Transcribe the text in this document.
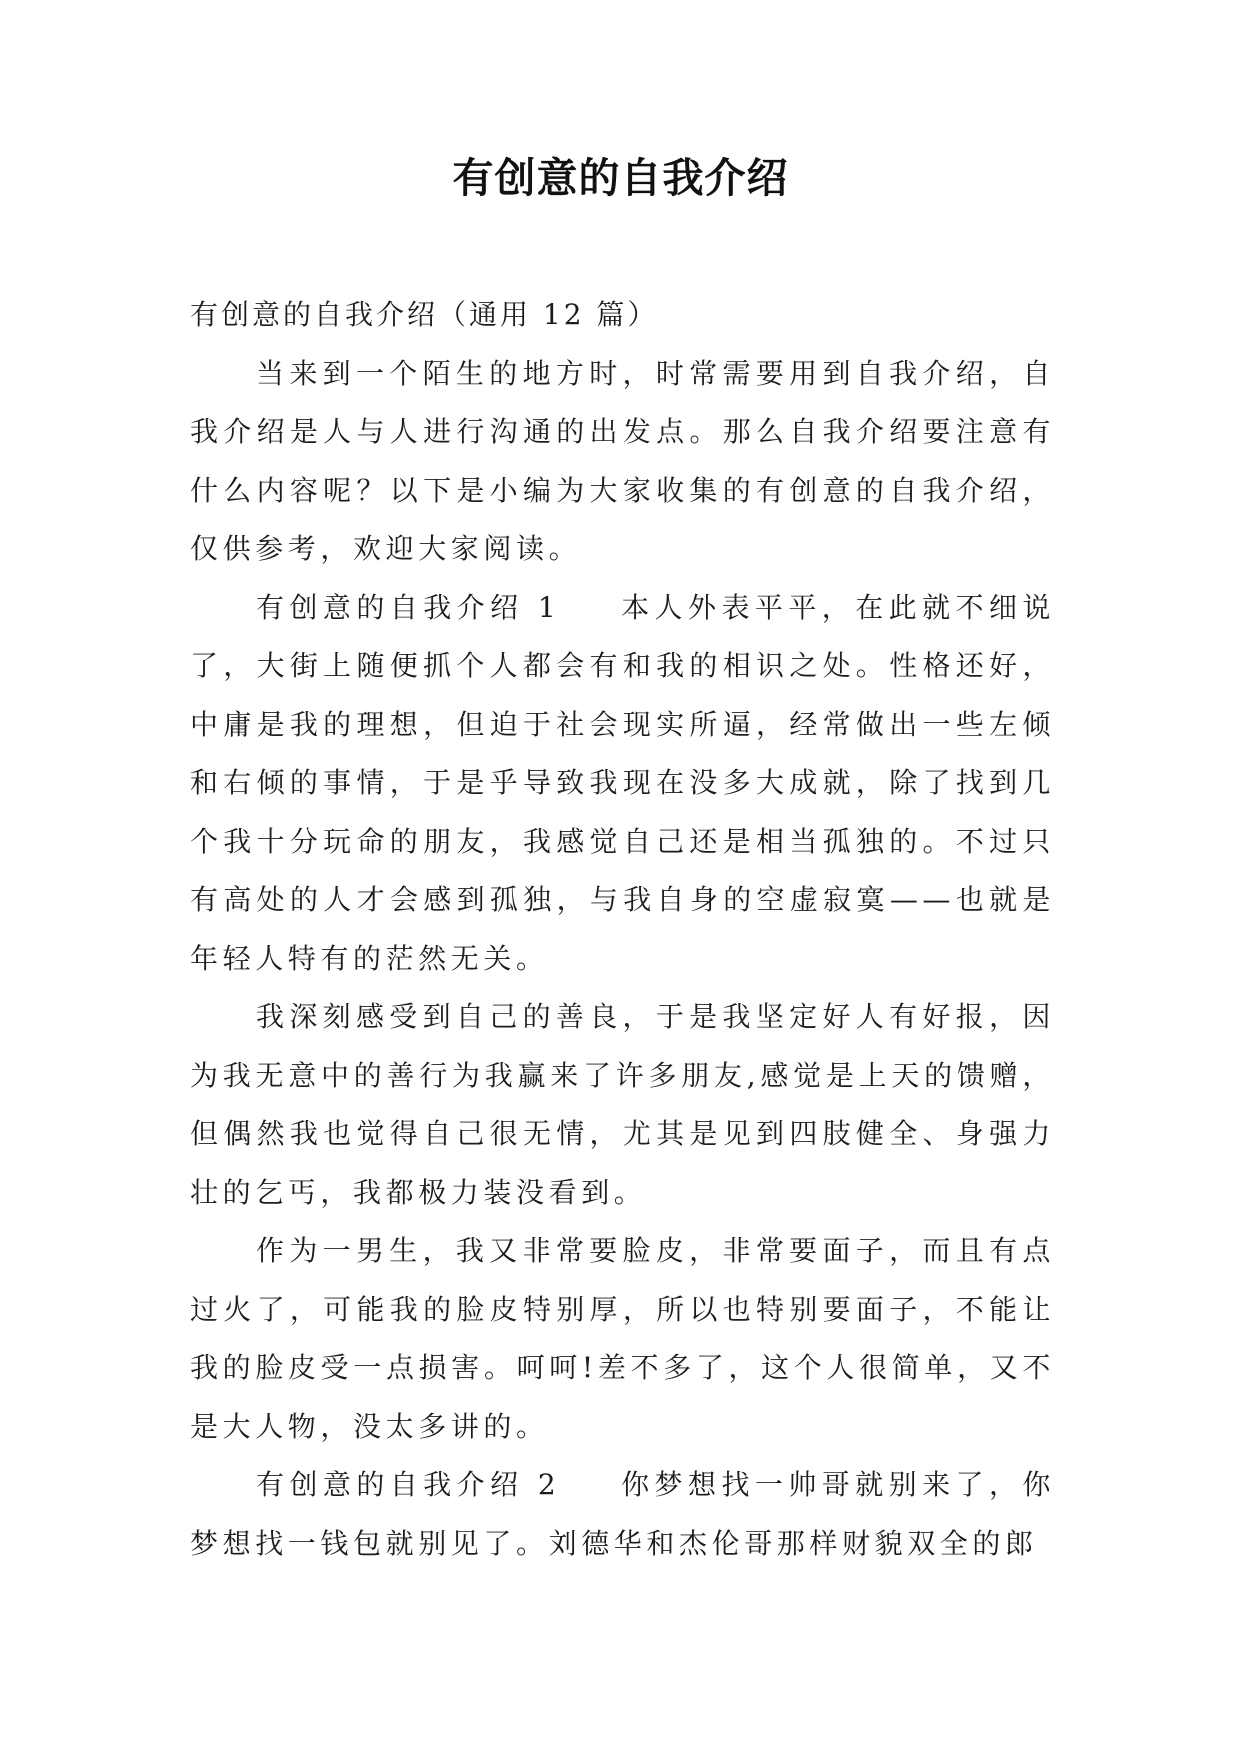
有创意的自我介绍

有创意的自我介绍（通用 12 篇）

当来到一个陌生的地方时，时常需要用到自我介绍，自我介绍是人与人进行沟通的出发点。那么自我介绍要注意有什么内容呢？以下是小编为大家收集的有创意的自我介绍，仅供参考，欢迎大家阅读。

有创意的自我介绍 1 本人外表平平，在此就不细说了，大街上随便抓个人都会有和我的相识之处。性格还好，中庸是我的理想，但迫于社会现实所逼，经常做出一些左倾和右倾的事情，于是乎导致我现在没多大成就，除了找到几个我十分玩命的朋友，我感觉自己还是相当孤独的。不过只有高处的人才会感到孤独，与我自身的空虚寂寞——也就是年轻人特有的茫然无关。

我深刻感受到自己的善良，于是我坚定好人有好报，因为我无意中的善行为我赢来了许多朋友,感觉是上天的馈赠，但偶然我也觉得自己很无情，尤其是见到四肢健全、身强力壮的乞丐，我都极力装没看到。

作为一男生，我又非常要脸皮，非常要面子，而且有点过火了，可能我的脸皮特别厚，所以也特别要面子，不能让我的脸皮受一点损害。呵呵!差不多了，这个人很简单，又不是大人物，没太多讲的。

有创意的自我介绍 2 你梦想找一帅哥就别来了，你梦想找一钱包就别见了。刘德华和杰伦哥那样财貌双全的郎
